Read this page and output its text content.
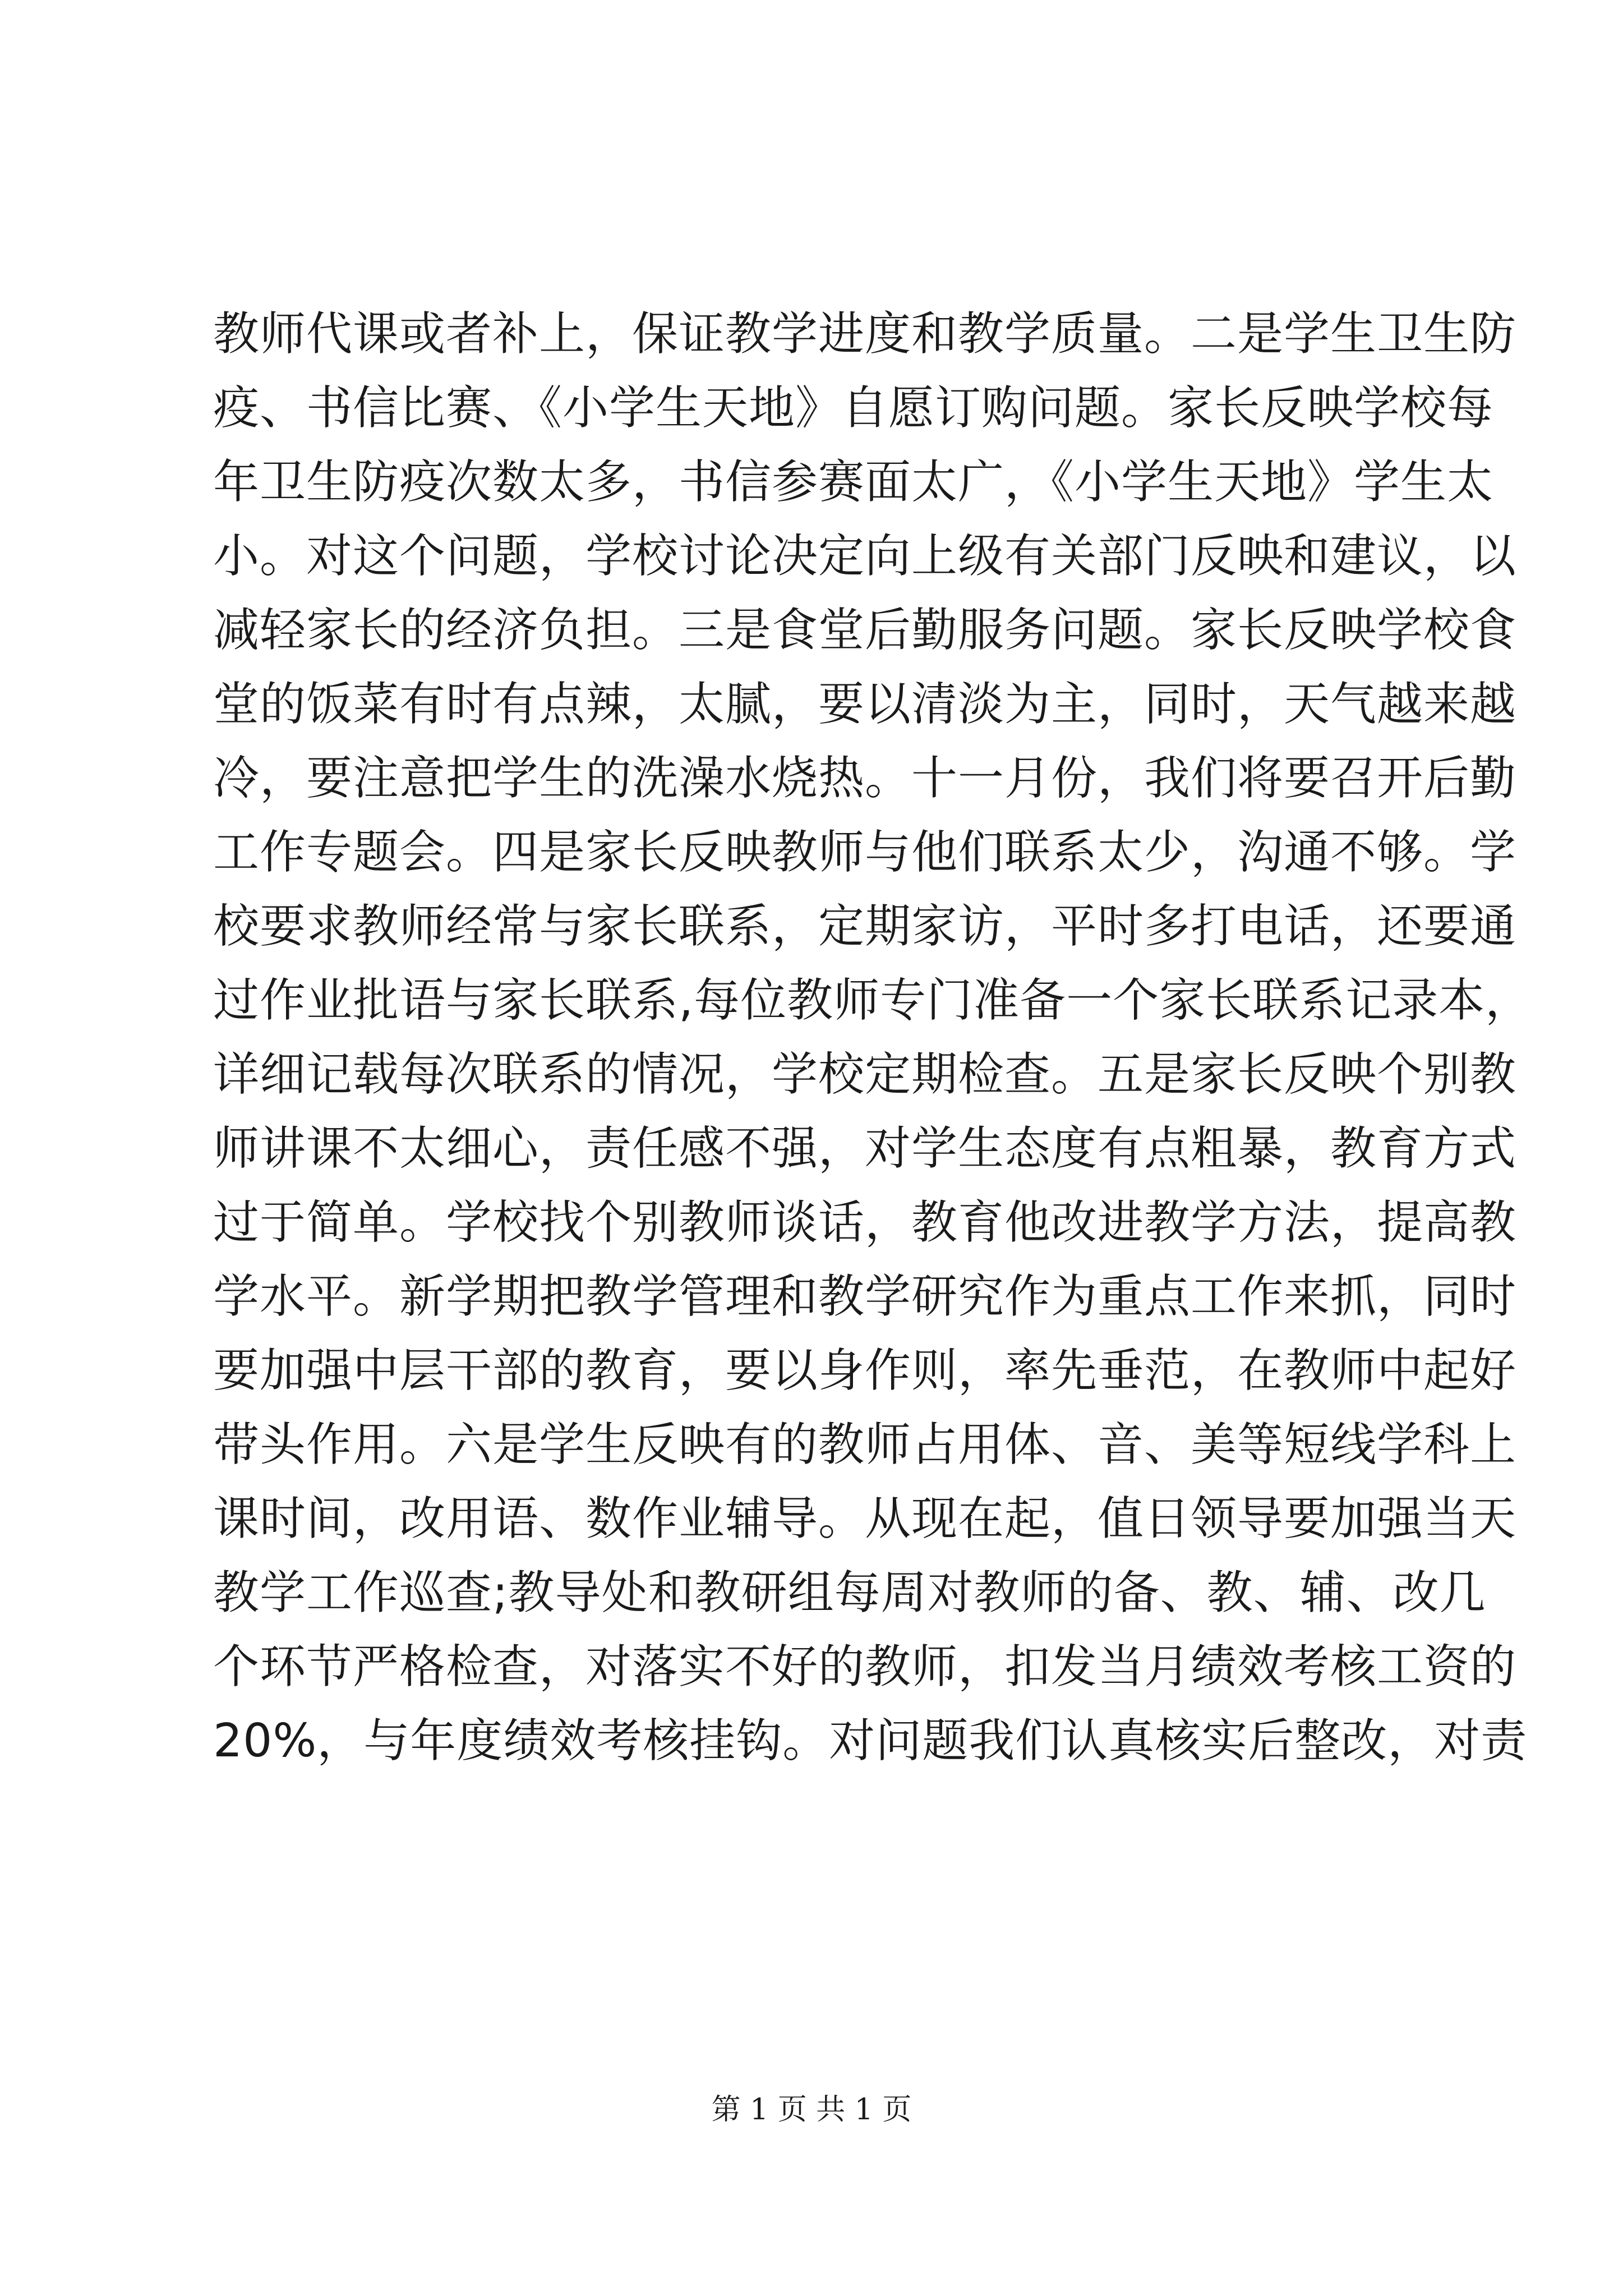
教师代课或者补上，保证教学进度和教学质量。二是学生卫生防
疫、书信比赛、《小学生天地》自愿订购问题。家长反映学校每
年卫生防疫次数太多，书信参赛面太广，《小学生天地》学生太
小。对这个问题，学校讨论决定向上级有关部门反映和建议，以
减轻家长的经济负担。三是食堂后勤服务问题。家长反映学校食
堂的饭菜有时有点辣，太腻，要以清淡为主，同时，天气越来越
冷，要注意把学生的洗澡水烧热。十一月份，我们将要召开后勤
工作专题会。四是家长反映教师与他们联系太少，沟通不够。学
校要求教师经常与家长联系，定期家访，平时多打电话，还要通
过作业批语与家长联系,每位教师专门准备一个家长联系记录本，
详细记载每次联系的情况，学校定期检查。五是家长反映个别教
师讲课不太细心，责任感不强，对学生态度有点粗暴，教育方式
过于简单。学校找个别教师谈话，教育他改进教学方法，提高教
学水平。新学期把教学管理和教学研究作为重点工作来抓，同时
要加强中层干部的教育，要以身作则，率先垂范，在教师中起好
带头作用。六是学生反映有的教师占用体、音、美等短线学科上
课时间，改用语、数作业辅导。从现在起，值日领导要加强当天
教学工作巡查;教导处和教研组每周对教师的备、教、辅、改几
个环节严格检查，对落实不好的教师，扣发当月绩效考核工资的
20%，与年度绩效考核挂钩。对问题我们认真核实后整改，对责
第 1 页 共 1 页
